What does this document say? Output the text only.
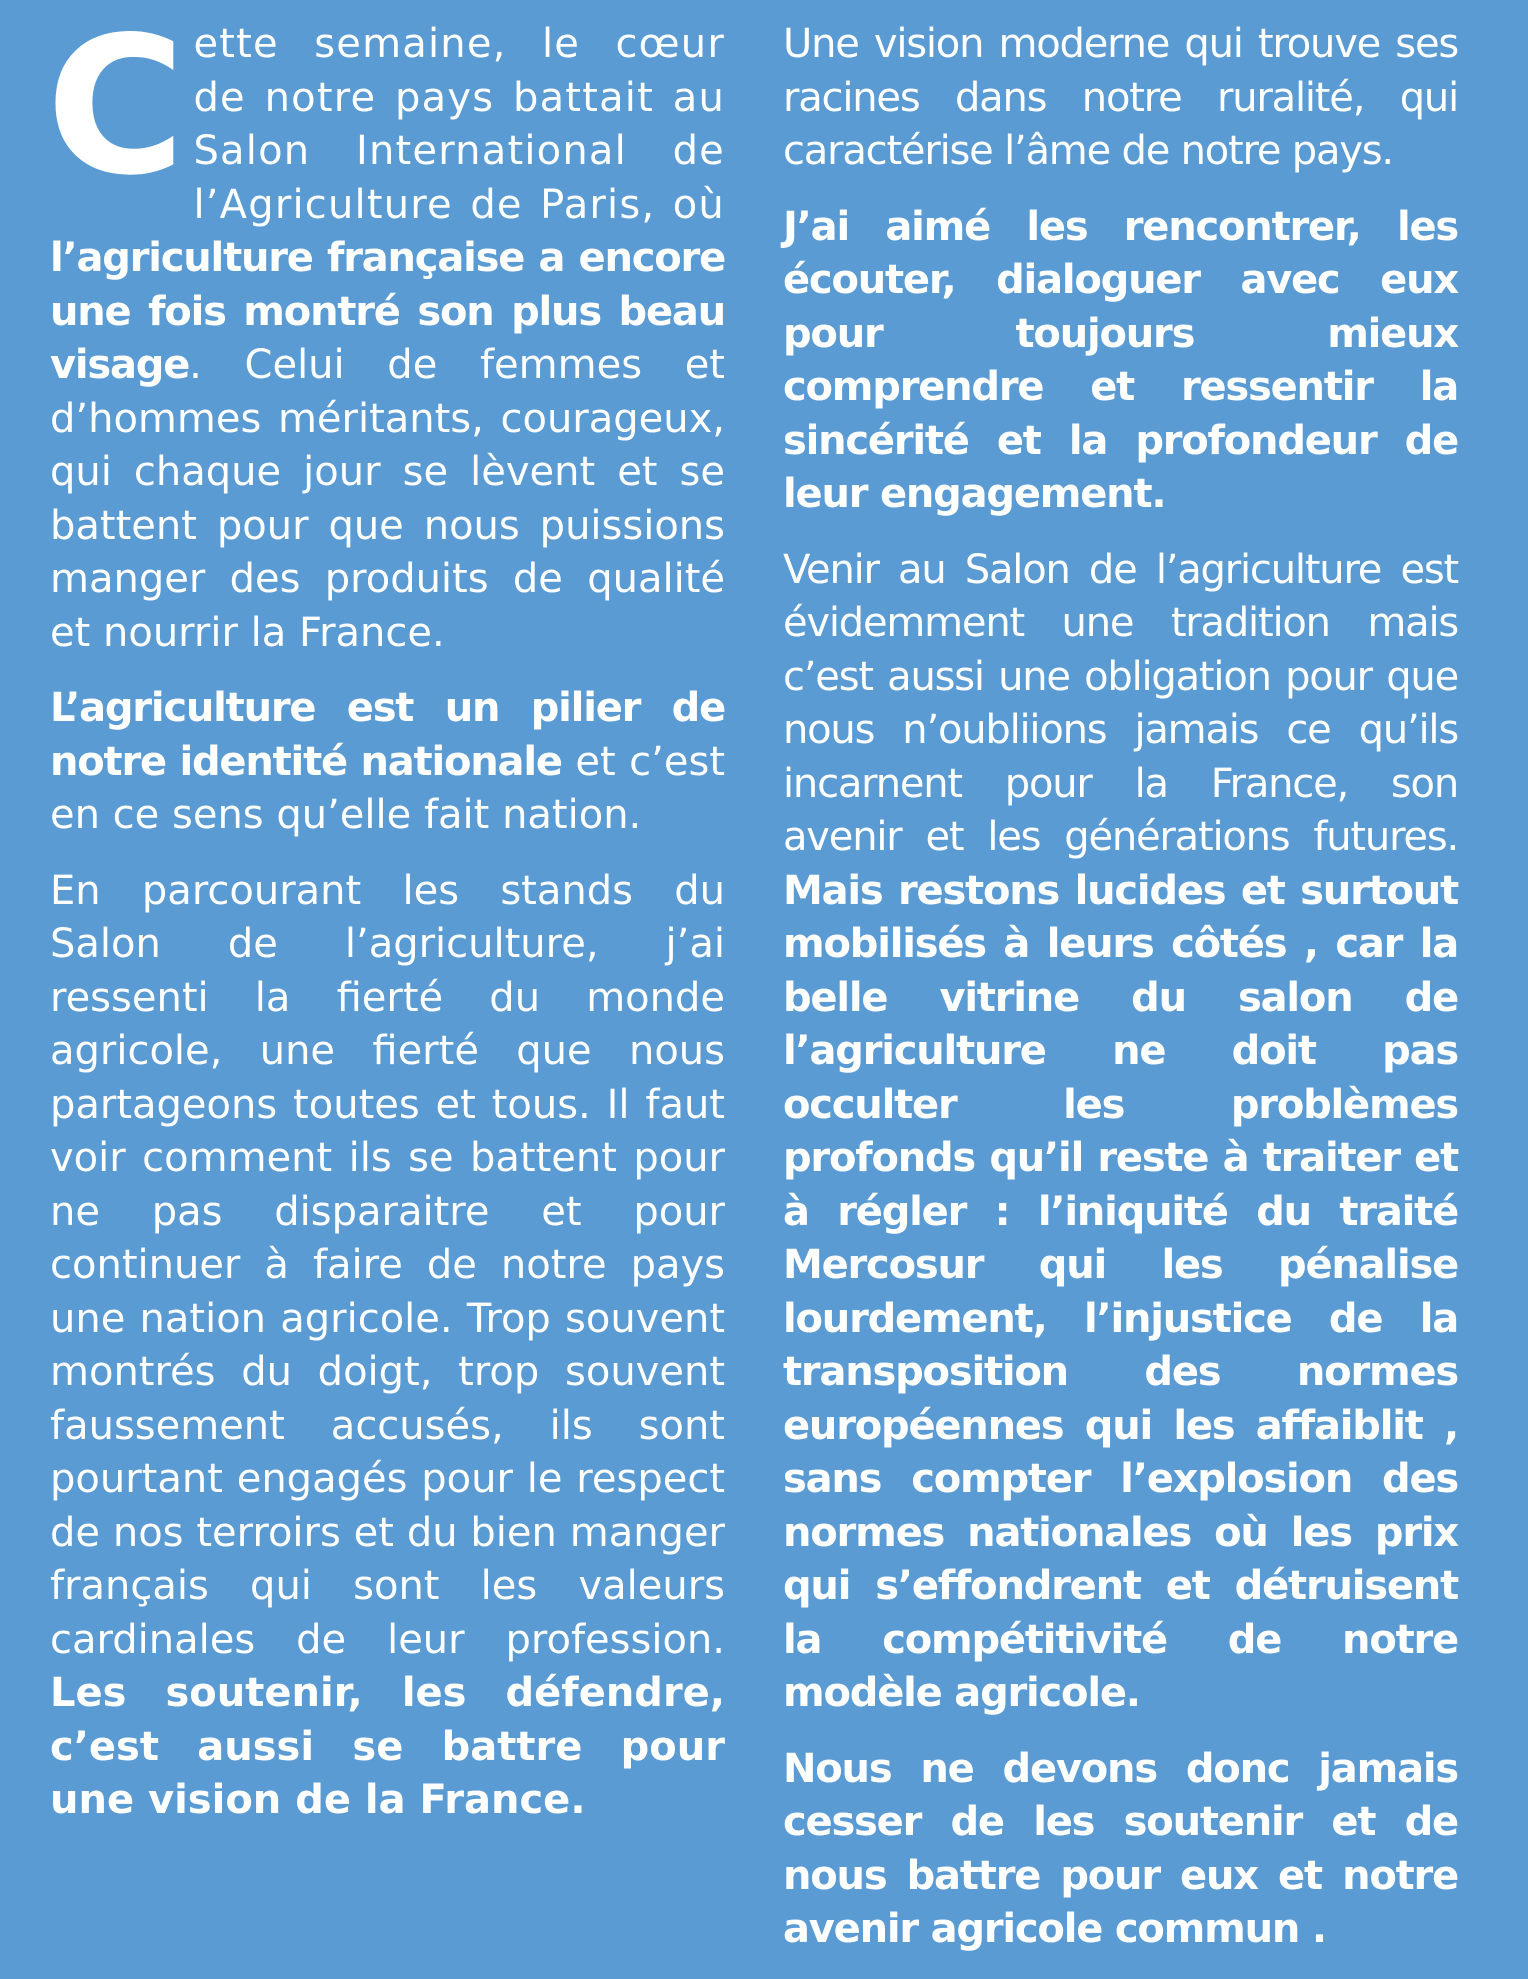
Cette semaine, le cœur de notre pays battait au Salon International de l’Agriculture de Paris, où l’agriculture française a encore une fois montré son plus beau visage. Celui de femmes et d’hommes méritants, courageux, qui chaque jour se lèvent et se battent pour que nous puissions manger des produits de qualité et nourrir la France.

L’agriculture est un pilier de notre identité nationale et c’est en ce sens qu’elle fait nation.

En parcourant les stands du Salon de l’agriculture, j’ai ressenti la fierté du monde agricole, une fierté que nous partageons toutes et tous. Il faut voir comment ils se battent pour ne pas disparaitre et pour continuer à faire de notre pays une nation agricole. Trop souvent montrés du doigt, trop souvent faussement accusés, ils sont pourtant engagés pour le respect de nos terroirs et du bien manger français qui sont les valeurs cardinales de leur profession. Les soutenir, les défendre, c’est aussi se battre pour une vision de la France.

Une vision moderne qui trouve ses racines dans notre ruralité, qui caractérise l’âme de notre pays.

J’ai aimé les rencontrer, les écouter, dialoguer avec eux pour toujours mieux comprendre et ressentir la sincérité et la profondeur de leur engagement.

Venir au Salon de l’agriculture est évidemment une tradition mais c’est aussi une obligation pour que nous n’oubliions jamais ce qu’ils incarnent pour la France, son avenir et les générations futures. Mais restons lucides et surtout mobilisés à leurs côtés , car la belle vitrine du salon de l’agriculture ne doit pas occulter les problèmes profonds qu’il reste à traiter et à régler : l’iniquité du traité Mercosur qui les pénalise lourdement, l’injustice de la transposition des normes européennes qui les affaiblit , sans compter l’explosion des normes nationales où les prix qui s’effondrent et détruisent la compétitivité de notre modèle agricole.

Nous ne devons donc jamais cesser de les soutenir et de nous battre pour eux et notre avenir agricole commun .
